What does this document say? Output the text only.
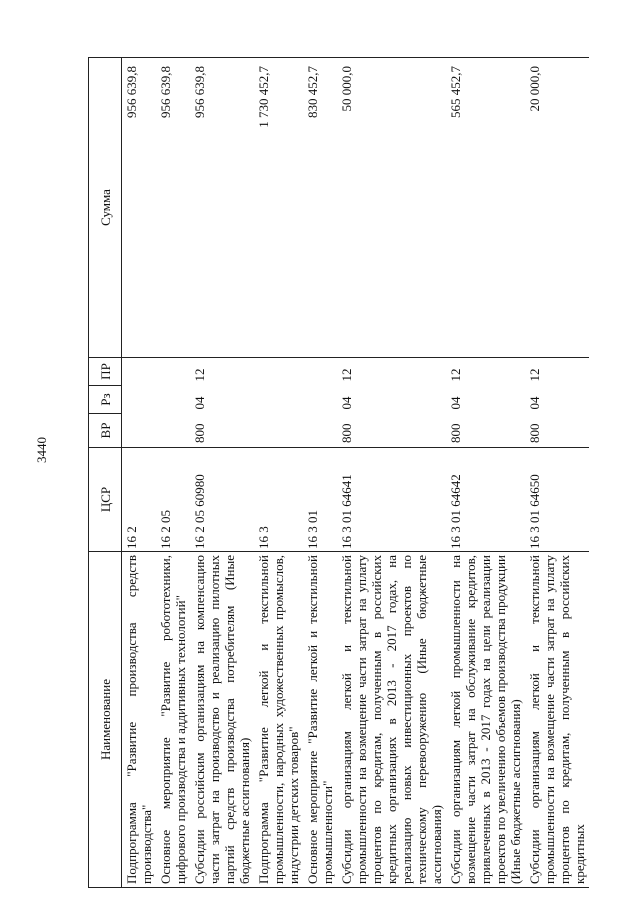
3440
Наименование	ЦСР	ВР	Рз	ПР	Сумма
Подпрограмма "Развитие производства средств производства"	16 2				956 639,8
Основное мероприятие "Развитие робототехники, цифрового производства и аддитивных технологий"	16 2 05				956 639,8
Субсидии российским организациям на компенсацию части затрат на производство и реализацию пилотных партий средств производства потребителям (Иные бюджетные ассигнования)	16 2 05 60980	800	04	12	956 639,8
Подпрограмма "Развитие легкой и текстильной промышленности, народных художественных промыслов, индустрии детских товаров"	16 3				1 730 452,7
Основное мероприятие "Развитие легкой и текстильной промышленности"	16 3 01				830 452,7
Субсидии организациям легкой и текстильной промышленности на возмещение части затрат на уплату процентов по кредитам, полученным в российских кредитных организациях в 2013 - 2017 годах, на реализацию новых инвестиционных проектов по техническому перевооружению (Иные бюджетные ассигнования)	16 3 01 64641	800	04	12	50 000,0
Субсидии организациям легкой промышленности на возмещение части затрат на обслуживание кредитов, привлеченных в 2013 - 2017 годах на цели реализации проектов по увеличению объемов производства продукции (Иные бюджетные ассигнования)	16 3 01 64642	800	04	12	565 452,7
Субсидии организациям легкой и текстильной промышленности на возмещение части затрат на уплату процентов по кредитам, полученным в российских кредитных	16 3 01 64650	800	04	12	20 000,0
